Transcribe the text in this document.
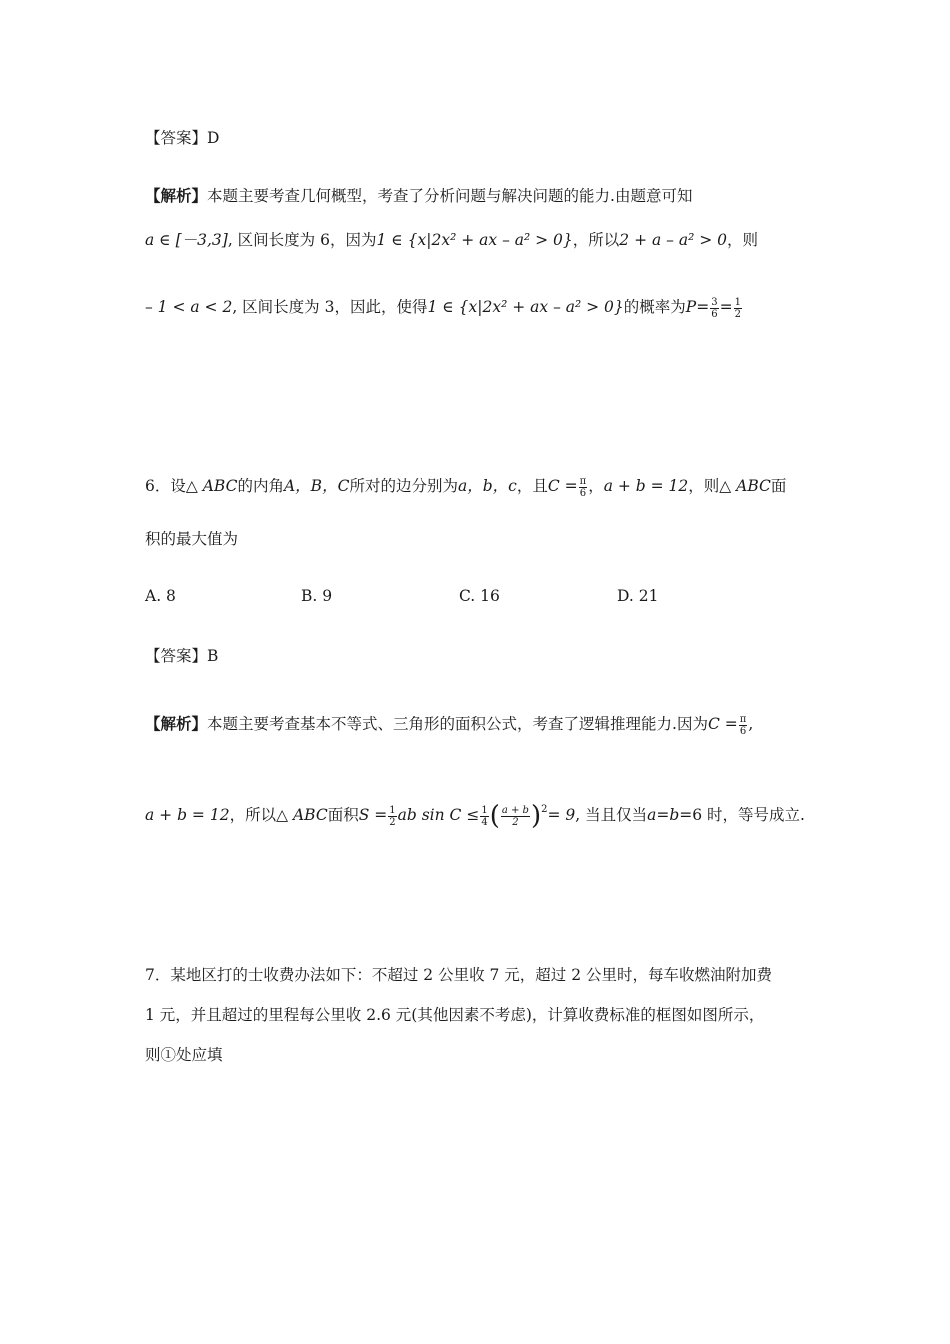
【答案】D
【解析】本题主要考查几何概型，考查了分析问题与解决问题的能力.由题意可知
a ∈ [－3,3], 区间长度为 6，因为1 ∈ {x|2x² + ax – a² > 0}，所以2 + a – a² > 0，则
– 1 < a < 2, 区间长度为 3，因此，使得1 ∈ {x|2x² + ax – a² > 0}的概率为$P= \frac{3}{6} = \frac{1}{2}$
6．设△ ABC的内角A，B，C所对的边分别为a，b，c，且$C = \frac{\pi}{6}$ ，a + b = 12，则△ ABC面
积的最大值为
A. 8	B. 9	C. 16	D. 21
【答案】B
【解析】本题主要考查基本不等式、三角形的面积公式，考查了逻辑推理能力.因为$C = \frac{\pi}{6}$ ,
a + b = 12，所以△ ABC面积$S = \frac{1}{2}$ ab $\sin C \le \frac{1}{4}$ ( $\frac{a + b}{2} )^2= 9$, 当且仅当a=b=6 时，等号成立.
7．某地区打的士收费办法如下：不超过 2 公里收 7 元，超过 2 公里时，每车收燃油附加费
1 元，并且超过的里程每公里收 2.6 元(其他因素不考虑)，计算收费标准的框图如图所示，
则①处应填
